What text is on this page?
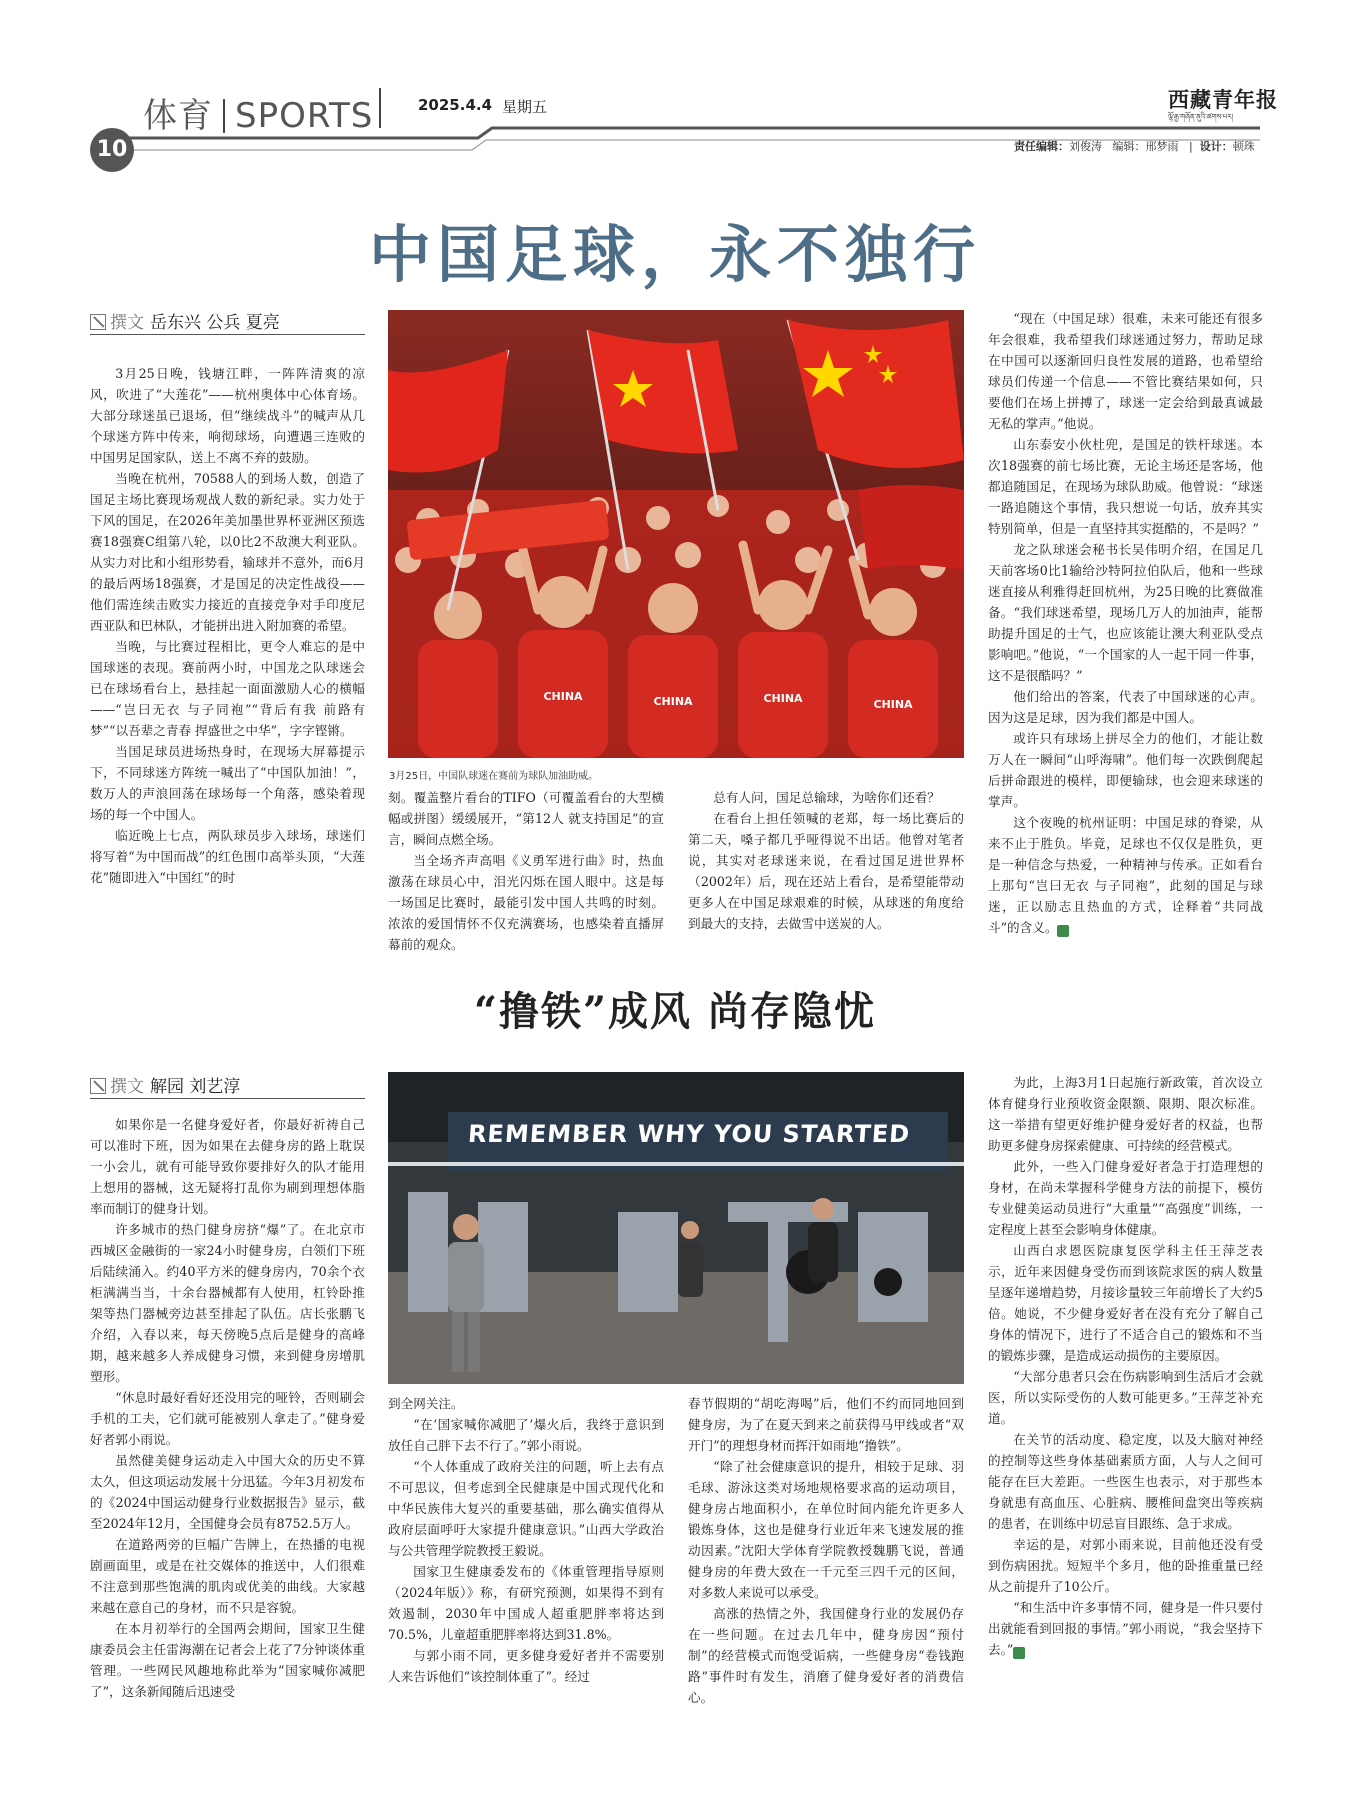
体育 SPORTS	2025.4.4 星期五	西藏青年报
ལྷོ་རྒྱ་གཞོན་ནུའི་ཚགས་པར།
10	责任编辑：刘俊涛 编辑：邢梦雨   |  设计：顿珠
中国足球，永不独行
撰文 岳东兴 公兵 夏亮
CHINA	CHINA	CHINA	CHINA
3月25日，中国队球迷在赛前为球队加油助威。

3月25日晚，钱塘江畔，一阵阵清爽的凉风，吹进了“大莲花”——杭州奥体中心体育场。大部分球迷虽已退场，但“继续战斗”的喊声从几个球迷方阵中传来，响彻球场，向遭遇三连败的中国男足国家队，送上不离不弃的鼓励。

当晚在杭州，70588人的到场人数，创造了国足主场比赛现场观战人数的新纪录。实力处于下风的国足，在2026年美加墨世界杯亚洲区预选赛18强赛C组第八轮，以0比2不敌澳大利亚队。从实力对比和小组形势看，输球并不意外，而6月的最后两场18强赛，才是国足的决定性战役——他们需连续击败实力接近的直接竞争对手印度尼西亚队和巴林队，才能拼出进入附加赛的希望。

当晚，与比赛过程相比，更令人难忘的是中国球迷的表现。赛前两小时，中国龙之队球迷会已在球场看台上，悬挂起一面面激励人心的横幅——“岂曰无衣 与子同袍”“背后有我 前路有梦”“以吾辈之青春 捍盛世之中华”，字字铿锵。

当国足球员进场热身时，在现场大屏幕提示下，不同球迷方阵统一喊出了“中国队加油！”，数万人的声浪回荡在球场每一个角落，感染着现场的每一个中国人。

临近晚上七点，两队球员步入球场，球迷们将写着“为中国而战”的红色围巾高举头顶，“大莲花”随即进入“中国红”的时

刻。覆盖整片看台的TIFO（可覆盖看台的大型横幅或拼图）缓缓展开，“第12人 就支持国足”的宣言，瞬间点燃全场。

当全场齐声高唱《义勇军进行曲》时，热血激荡在球员心中，泪光闪烁在国人眼中。这是每一场国足比赛时，最能引发中国人共鸣的时刻。浓浓的爱国情怀不仅充满赛场，也感染着直播屏幕前的观众。

总有人问，国足总输球，为啥你们还看？

在看台上担任领喊的老郑，每一场比赛后的第二天，嗓子都几乎哑得说不出话。他曾对笔者说，其实对老球迷来说，在看过国足进世界杯（2002年）后，现在还站上看台，是希望能带动更多人在中国足球艰难的时候，从球迷的角度给到最大的支持，去做雪中送炭的人。

“现在（中国足球）很难，未来可能还有很多年会很难，我希望我们球迷通过努力，帮助足球在中国可以逐渐回归良性发展的道路，也希望给球员们传递一个信息——不管比赛结果如何，只要他们在场上拼搏了，球迷一定会给到最真诚最无私的掌声。”他说。

山东泰安小伙杜兜，是国足的铁杆球迷。本次18强赛的前七场比赛，无论主场还是客场，他都追随国足，在现场为球队助威。他曾说：“球迷一路追随这个事情，我只想说一句话，放弃其实特别简单，但是一直坚持其实挺酷的，不是吗？”

龙之队球迷会秘书长吴伟明介绍，在国足几天前客场0比1输给沙特阿拉伯队后，他和一些球迷直接从利雅得赶回杭州，为25日晚的比赛做准备。“我们球迷希望，现场几万人的加油声，能帮助提升国足的士气，也应该能让澳大利亚队受点影响吧。”他说，“一个国家的人一起干同一件事，这不是很酷吗？”

他们给出的答案，代表了中国球迷的心声。因为这是足球，因为我们都是中国人。

或许只有球场上拼尽全力的他们，才能让数万人在一瞬间“山呼海啸”。他们每一次跌倒爬起后拼命跟进的模样，即便输球，也会迎来球迷的掌声。

这个夜晚的杭州证明：中国足球的脊梁，从来不止于胜负。毕竟，足球也不仅仅是胜负，更是一种信念与热爱，一种精神与传承。正如看台上那句“岂曰无衣 与子同袍”，此刻的国足与球迷，正以励志且热血的方式，诠释着“共同战斗”的含义。	青

“撸铁”成风 尚存隐忧
撰文 解园 刘艺淳
REMEMBER WHY YOU STARTED

如果你是一名健身爱好者，你最好祈祷自己可以准时下班，因为如果在去健身房的路上耽误一小会儿，就有可能导致你要排好久的队才能用上想用的器械，这无疑将打乱你为刷到理想体脂率而制订的健身计划。

许多城市的热门健身房挤“爆”了。在北京市西城区金融街的一家24小时健身房，白领们下班后陆续涌入。约40平方米的健身房内，70余个衣柜满满当当，十余台器械都有人使用，杠铃卧推架等热门器械旁边甚至排起了队伍。店长张鹏飞介绍，入春以来，每天傍晚5点后是健身的高峰期，越来越多人养成健身习惯，来到健身房增肌塑形。

“休息时最好看好还没用完的哑铃，否则刷会手机的工夫，它们就可能被别人拿走了。”健身爱好者郭小雨说。

虽然健美健身运动走入中国大众的历史不算太久，但这项运动发展十分迅猛。今年3月初发布的《2024中国运动健身行业数据报告》显示，截至2024年12月，全国健身会员有8752.5万人。

在道路两旁的巨幅广告牌上，在热播的电视剧画面里，或是在社交媒体的推送中，人们很难不注意到那些饱满的肌肉或优美的曲线。大家越来越在意自己的身材，而不只是容貌。

在本月初举行的全国两会期间，国家卫生健康委员会主任雷海潮在记者会上花了7分钟谈体重管理。一些网民风趣地称此举为“国家喊你减肥了”，这条新闻随后迅速受

到全网关注。

“在‘国家喊你减肥了’爆火后，我终于意识到放任自己胖下去不行了。”郭小雨说。

“个人体重成了政府关注的问题，听上去有点不可思议，但考虑到全民健康是中国式现代化和中华民族伟大复兴的重要基础，那么确实值得从政府层面呼吁大家提升健康意识。”山西大学政治与公共管理学院教授王毅说。

国家卫生健康委发布的《体重管理指导原则（2024年版）》称，有研究预测，如果得不到有效遏制，2030年中国成人超重肥胖率将达到70.5%，儿童超重肥胖率将达到31.8%。

与郭小雨不同，更多健身爱好者并不需要别人来告诉他们“该控制体重了”。经过

春节假期的“胡吃海喝”后，他们不约而同地回到健身房，为了在夏天到来之前获得马甲线或者“双开门”的理想身材而挥汗如雨地“撸铁”。

“除了社会健康意识的提升，相较于足球、羽毛球、游泳这类对场地规格要求高的运动项目，健身房占地面积小，在单位时间内能允许更多人锻炼身体，这也是健身行业近年来飞速发展的推动因素。”沈阳大学体育学院教授魏鹏飞说，普通健身房的年费大致在一千元至三四千元的区间，对多数人来说可以承受。

高涨的热情之外，我国健身行业的发展仍存在一些问题。在过去几年中，健身房因“预付制”的经营模式而饱受诟病，一些健身房“卷钱跑路”事件时有发生，消磨了健身爱好者的消费信心。

为此，上海3月1日起施行新政策，首次设立体育健身行业预收资金限额、限期、限次标准。这一举措有望更好维护健身爱好者的权益，也帮助更多健身房探索健康、可持续的经营模式。

此外，一些入门健身爱好者急于打造理想的身材，在尚未掌握科学健身方法的前提下，模仿专业健美运动员进行“大重量”“高强度”训练，一定程度上甚至会影响身体健康。

山西白求恩医院康复医学科主任王萍芝表示，近年来因健身受伤而到该院求医的病人数量呈逐年递增趋势，月接诊量较三年前增长了大约5倍。她说，不少健身爱好者在没有充分了解自己身体的情况下，进行了不适合自己的锻炼和不当的锻炼步骤，是造成运动损伤的主要原因。

“大部分患者只会在伤病影响到生活后才会就医，所以实际受伤的人数可能更多。”王萍芝补充道。

在关节的活动度、稳定度，以及大脑对神经的控制等这些身体基础素质方面，人与人之间可能存在巨大差距。一些医生也表示，对于那些本身就患有高血压、心脏病、腰椎间盘突出等疾病的患者，在训练中切忌盲目跟练、急于求成。

幸运的是，对郭小雨来说，目前他还没有受到伤病困扰。短短半个多月，他的卧推重量已经从之前提升了10公斤。

“和生活中许多事情不同，健身是一件只要付出就能看到回报的事情。”郭小雨说，“我会坚持下去。”	青
